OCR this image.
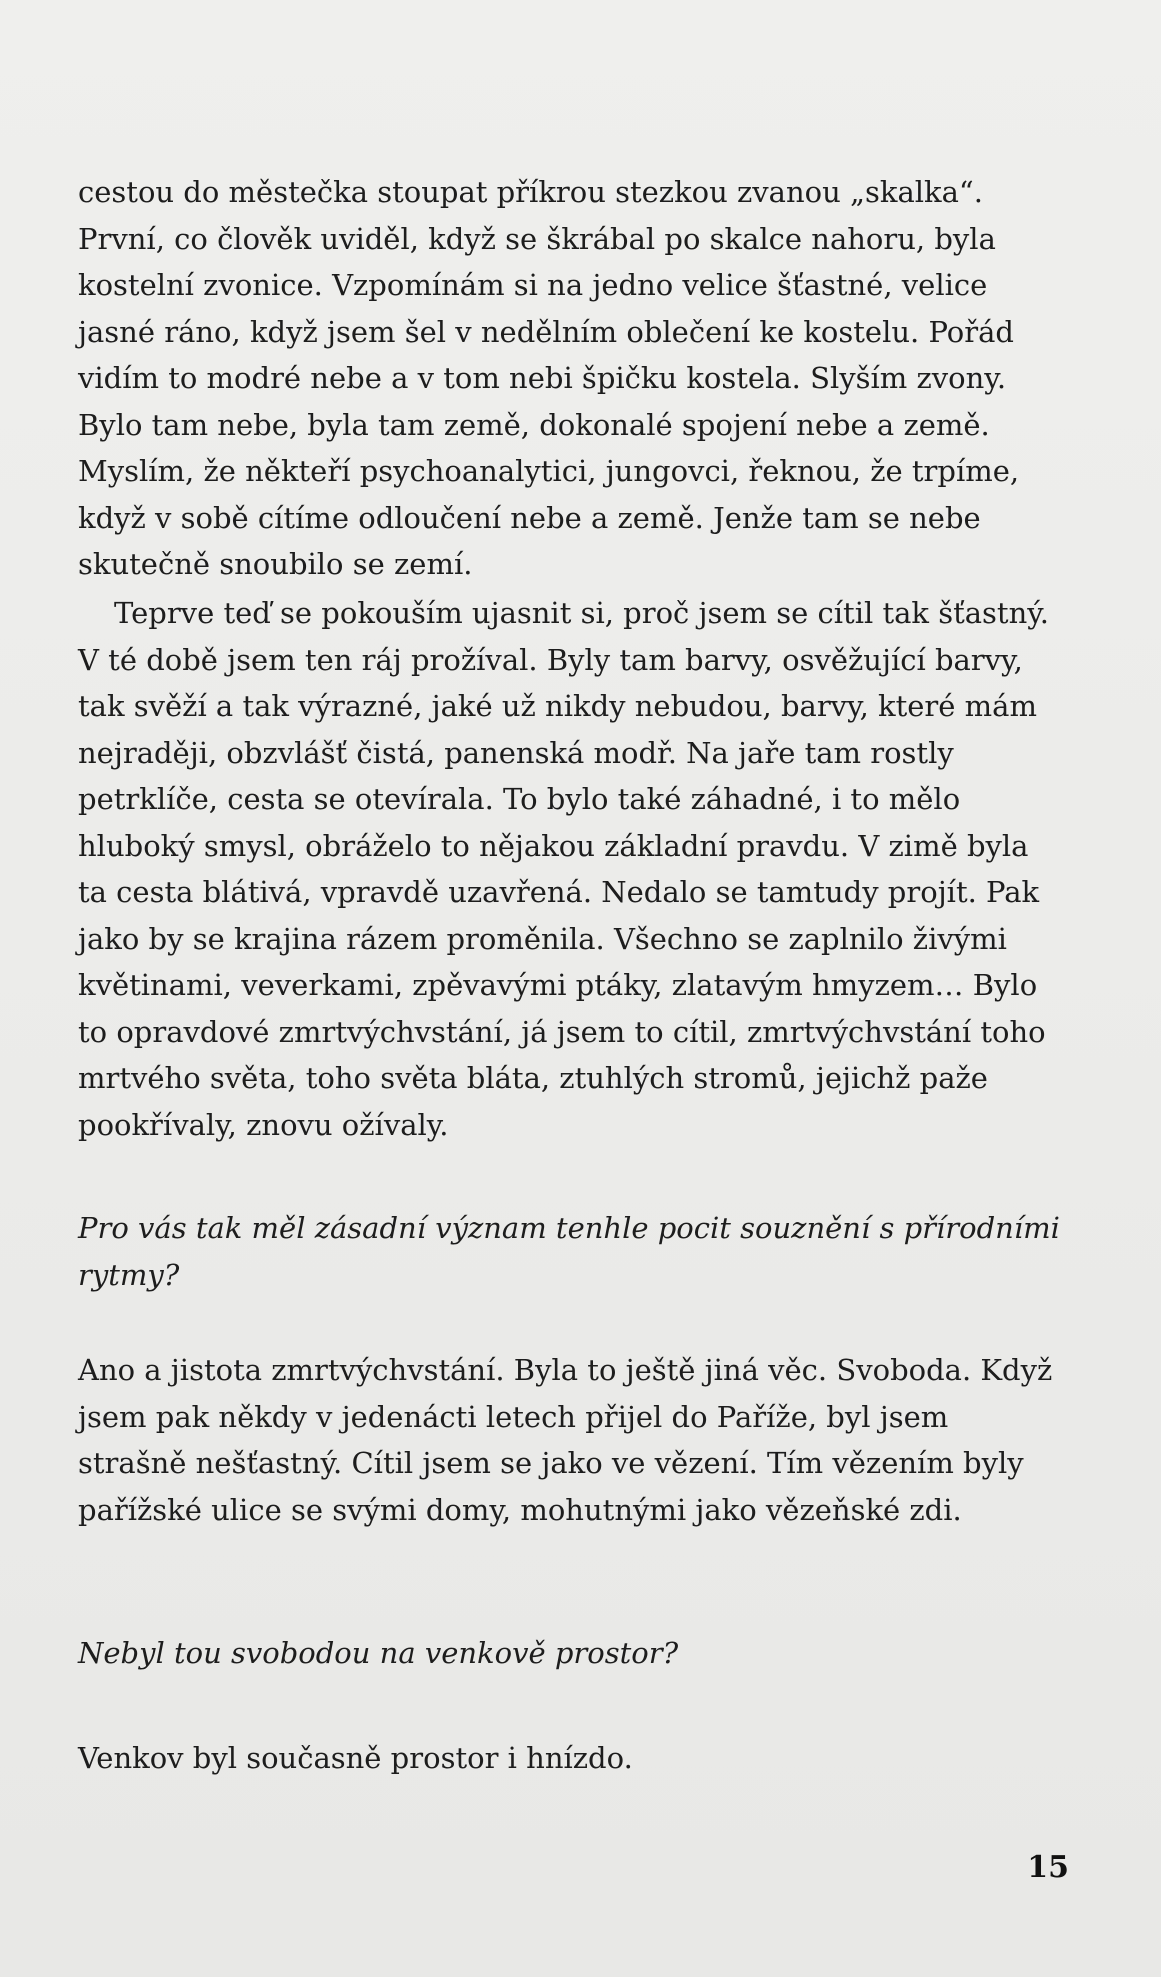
cestou do městečka stoupat příkrou stezkou zvanou „skalka“. První, co člověk uviděl, když se škrábal po skalce nahoru, byla kostelní zvonice. Vzpomínám si na jedno velice šťastné, velice jasné ráno, když jsem šel v nedělním oblečení ke kostelu. Pořád vidím to modré nebe a v tom nebi špičku kostela. Slyším zvony. Bylo tam nebe, byla tam země, dokonalé spojení nebe a země. Myslím, že někteří psychoanalytici, jungovci, řeknou, že trpíme, když v sobě cítíme odloučení nebe a země. Jenže tam se nebe skutečně snoubilo se zemí.

Teprve teď se pokouším ujasnit si, proč jsem se cítil tak šťastný. V té době jsem ten ráj prožíval. Byly tam barvy, osvěžující barvy, tak svěží a tak výrazné, jaké už nikdy nebudou, barvy, které mám nejraději, obzvlášť čistá, panenská modř. Na jaře tam rostly petrklíče, cesta se otevírala. To bylo také záhadné, i to mělo hluboký smysl, obráželo to nějakou základní pravdu. V zimě byla ta cesta blátivá, vpravdě uzavřená. Nedalo se tamtudy projít. Pak jako by se krajina rázem proměnila. Všechno se zaplnilo živými květinami, veverkami, zpěvavými ptáky, zlatavým hmyzem… Bylo to opravdové zmrtvýchvstání, já jsem to cítil, zmrtvýchvstání toho mrtvého světa, toho světa bláta, ztuhlých stromů, jejichž paže pookřívaly, znovu ožívaly.

Pro vás tak měl zásadní význam tenhle pocit souznění s přírodními rytmy?

Ano a jistota zmrtvýchvstání. Byla to ještě jiná věc. Svoboda. Když jsem pak někdy v jedenácti letech přijel do Paříže, byl jsem strašně nešťastný. Cítil jsem se jako ve vězení. Tím vězením byly pařížské ulice se svými domy, mohutnými jako vězeňské zdi.

Nebyl tou svobodou na venkově prostor?

Venkov byl současně prostor i hnízdo.

15
